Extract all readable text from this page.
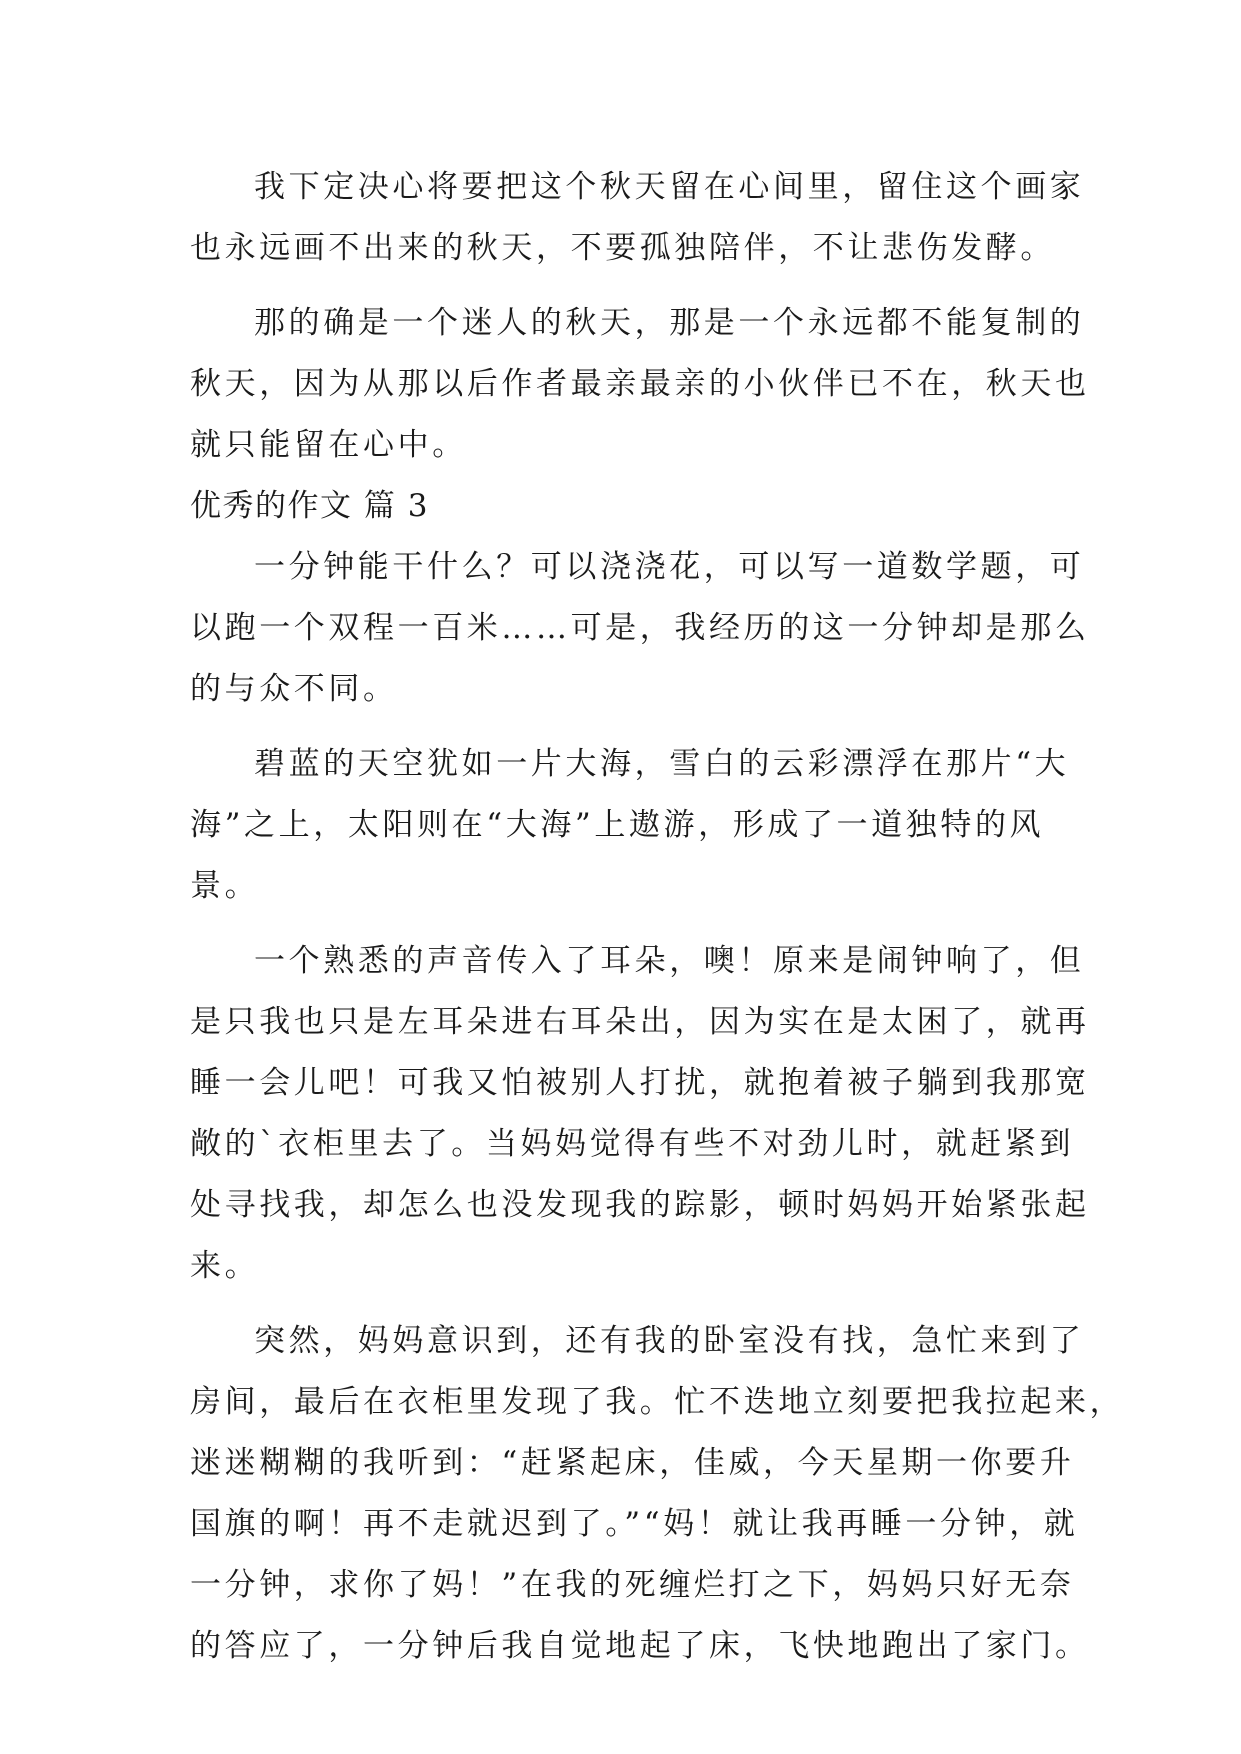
我下定决心将要把这个秋天留在心间里，留住这个画家
也永远画不出来的秋天，不要孤独陪伴，不让悲伤发酵。
那的确是一个迷人的秋天，那是一个永远都不能复制的
秋天，因为从那以后作者最亲最亲的小伙伴已不在，秋天也
就只能留在心中。
优秀的作文 篇 3
一分钟能干什么？可以浇浇花，可以写一道数学题，可
以跑一个双程一百米……可是，我经历的这一分钟却是那么
的与众不同。
碧蓝的天空犹如一片大海，雪白的云彩漂浮在那片“大
海”之上，太阳则在“大海”上遨游，形成了一道独特的风
景。
一个熟悉的声音传入了耳朵，噢！原来是闹钟响了，但
是只我也只是左耳朵进右耳朵出，因为实在是太困了，就再
睡一会儿吧！可我又怕被别人打扰，就抱着被子躺到我那宽
敞的`衣柜里去了。当妈妈觉得有些不对劲儿时，就赶紧到
处寻找我，却怎么也没发现我的踪影，顿时妈妈开始紧张起
来。
突然，妈妈意识到，还有我的卧室没有找，急忙来到了
房间，最后在衣柜里发现了我。忙不迭地立刻要把我拉起来，
迷迷糊糊的我听到：“赶紧起床，佳威，今天星期一你要升
国旗的啊！再不走就迟到了。”“妈！就让我再睡一分钟，就
一分钟，求你了妈！”在我的死缠烂打之下，妈妈只好无奈
的答应了，一分钟后我自觉地起了床，飞快地跑出了家门。
